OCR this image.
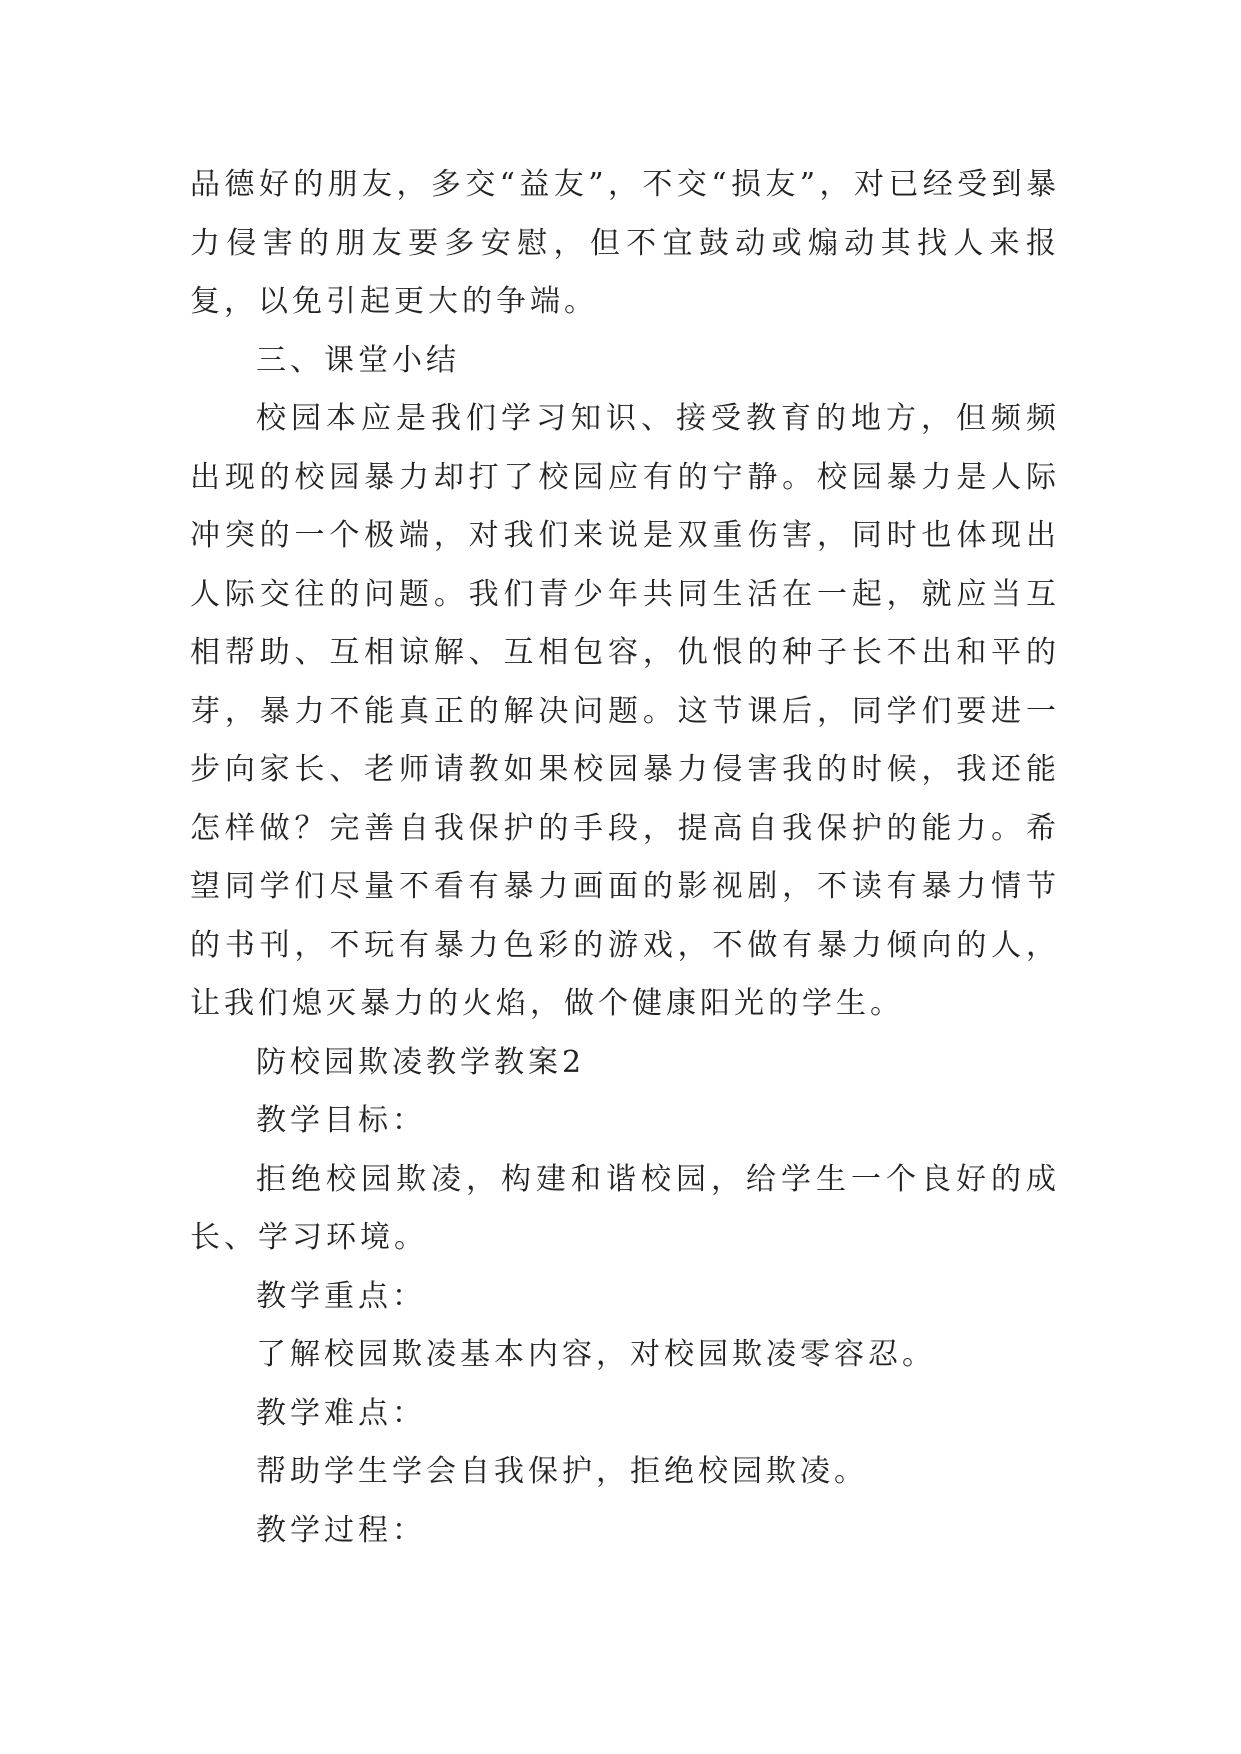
品德好的朋友，多交“益友”，不交“损友”，对已经受到暴力侵害的朋友要多安慰，但不宜鼓动或煽动其找人来报复，以免引起更大的争端。

三、课堂小结

校园本应是我们学习知识、接受教育的地方，但频频出现的校园暴力却打了校园应有的宁静。校园暴力是人际冲突的一个极端，对我们来说是双重伤害，同时也体现出人际交往的问题。我们青少年共同生活在一起，就应当互相帮助、互相谅解、互相包容，仇恨的种子长不出和平的芽，暴力不能真正的解决问题。这节课后，同学们要进一步向家长、老师请教如果校园暴力侵害我的时候，我还能怎样做？完善自我保护的手段，提高自我保护的能力。希望同学们尽量不看有暴力画面的影视剧，不读有暴力情节的书刊，不玩有暴力色彩的游戏，不做有暴力倾向的人，让我们熄灭暴力的火焰，做个健康阳光的学生。

防校园欺凌教学教案2

教学目标：

拒绝校园欺凌，构建和谐校园，给学生一个良好的成长、学习环境。

教学重点：

了解校园欺凌基本内容，对校园欺凌零容忍。

教学难点：

帮助学生学会自我保护，拒绝校园欺凌。

教学过程：
